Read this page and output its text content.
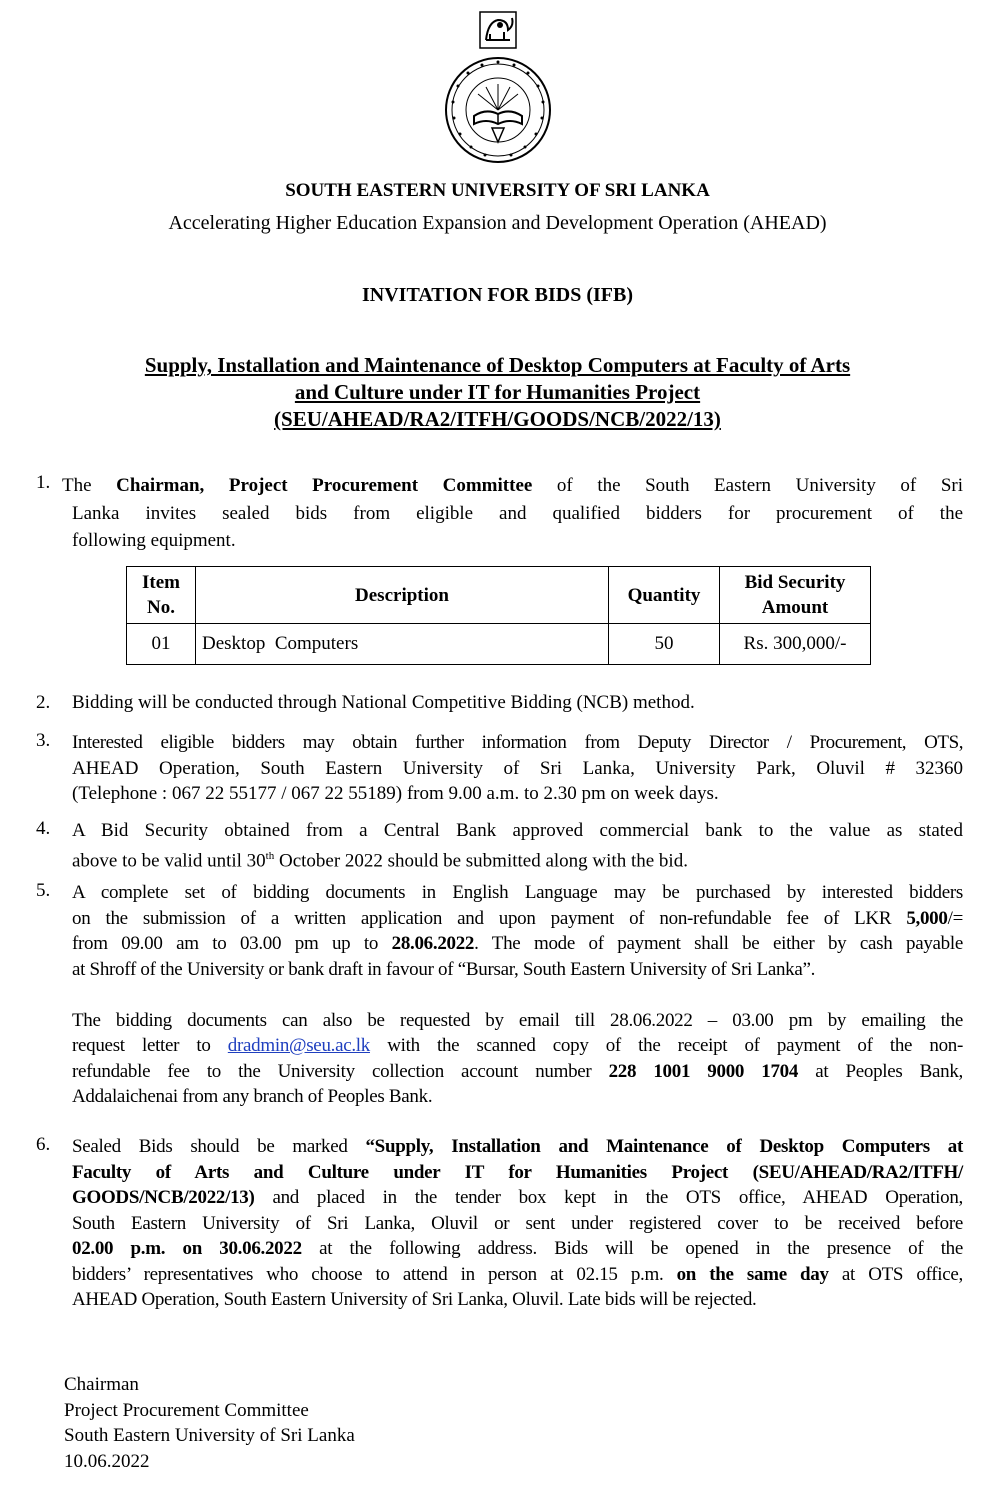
SOUTH EASTERN UNIVERSITY OF SRI LANKA
Accelerating Higher Education Expansion and Development Operation (AHEAD)
INVITATION FOR BIDS (IFB)
Supply, Installation and Maintenance of Desktop Computers at Faculty of Arts
and Culture under IT for Humanities Project
(SEU/AHEAD/RA2/ITFH/GOODS/NCB/2022/13)
1. The Chairman, Project Procurement Committee of the South Eastern University of Sri
Lanka invites sealed bids from eligible and qualified bidders for procurement of the
following equipment.
Item
No.	Description	Quantity	Bid Security
Amount
01	Desktop  Computers	50	Rs. 300,000/-
2. Bidding will be conducted through National Competitive Bidding (NCB) method.
3. Interested eligible bidders may obtain further information from Deputy Director / Procurement, OTS,
AHEAD Operation, South Eastern University of Sri Lanka, University Park, Oluvil # 32360
(Telephone : 067 22 55177 / 067 22 55189) from 9.00 a.m. to 2.30 pm on week days.
4. A Bid Security obtained from a Central Bank approved commercial bank to the value as stated
above to be valid until 30th October 2022 should be submitted along with the bid.
5. A complete set of bidding documents in English Language may be purchased by interested bidders
on the submission of a written application and upon payment of non-refundable fee of LKR 5,000/=
from 09.00 am to 03.00 pm up to 28.06.2022. The mode of payment shall be either by cash payable
at Shroff of the University or bank draft in favour of “Bursar, South Eastern University of Sri Lanka”.
The bidding documents can also be requested by email till 28.06.2022 – 03.00 pm by emailing the
request letter to dradmin@seu.ac.lk with the scanned copy of the receipt of payment of the non-
refundable fee to the University collection account number 228 1001 9000 1704 at Peoples Bank,
Addalaichenai from any branch of Peoples Bank.
6. Sealed Bids should be marked “Supply, Installation and Maintenance of Desktop Computers at
Faculty of Arts and Culture under IT for Humanities Project (SEU/AHEAD/RA2/ITFH/
GOODS/NCB/2022/13) and placed in the tender box kept in the OTS office, AHEAD Operation,
South Eastern University of Sri Lanka, Oluvil or sent under registered cover to be received before
02.00 p.m. on 30.06.2022 at the following address. Bids will be opened in the presence of the
bidders’ representatives who choose to attend in person at 02.15 p.m. on the same day at OTS office,
AHEAD Operation, South Eastern University of Sri Lanka, Oluvil. Late bids will be rejected.
Chairman
Project Procurement Committee
South Eastern University of Sri Lanka
10.06.2022
